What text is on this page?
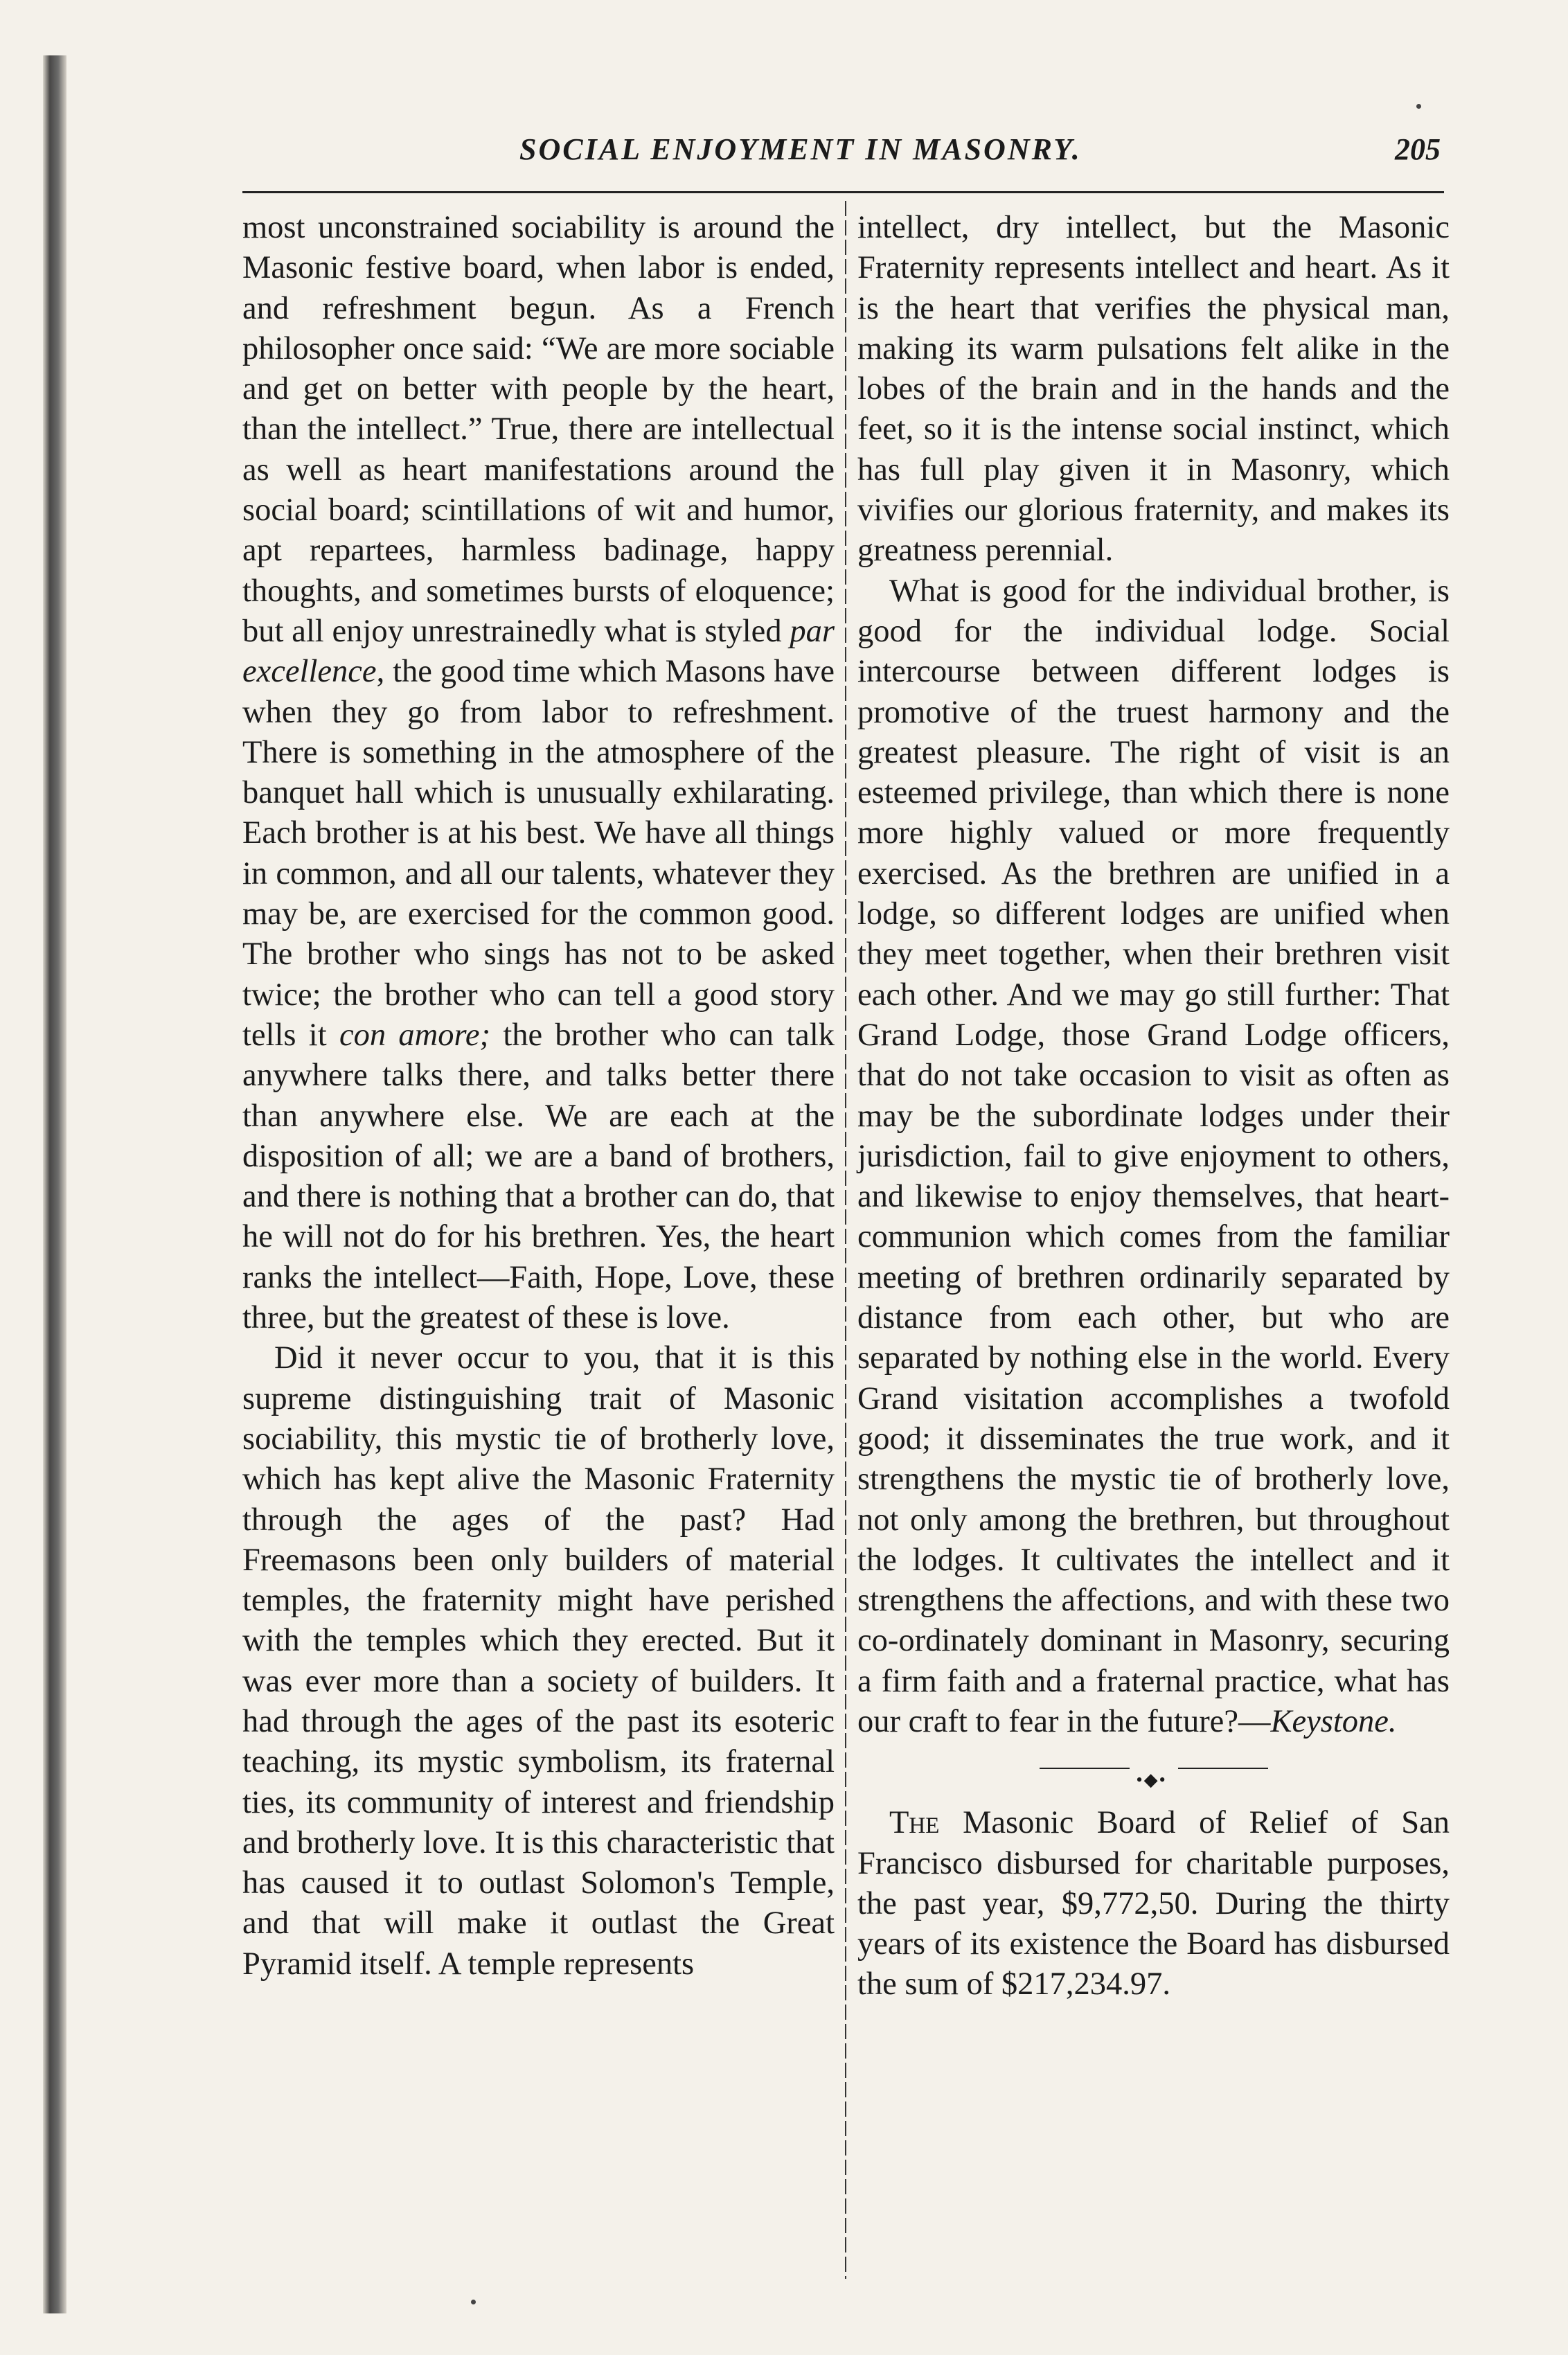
SOCIAL ENJOYMENT IN MASONRY.	205

most unconstrained sociability is around the Masonic festive board, when labor is ended, and refreshment begun. As a French philosopher once said: “We are more sociable and get on better with people by the heart, than the intellect.” True, there are intellectual as well as heart manifestations around the social board; scintillations of wit and humor, apt repartees, harmless badinage, happy thoughts, and sometimes bursts of eloquence; but all enjoy unrestrainedly what is styled par excellence, the good time which Masons have when they go from labor to refreshment. There is something in the atmosphere of the banquet hall which is unusually exhilarating. Each brother is at his best. We have all things in common, and all our talents, whatever they may be, are exercised for the common good. The brother who sings has not to be asked twice; the brother who can tell a good story tells it con amore; the brother who can talk anywhere talks there, and talks better there than anywhere else. We are each at the disposition of all; we are a band of brothers, and there is nothing that a brother can do, that he will not do for his brethren. Yes, the heart ranks the intellect—Faith, Hope, Love, these three, but the greatest of these is love.

Did it never occur to you, that it is this supreme distinguishing trait of Masonic sociability, this mystic tie of brotherly love, which has kept alive the Masonic Fraternity through the ages of the past? Had Freemasons been only builders of material temples, the fraternity might have perished with the temples which they erected. But it was ever more than a society of builders. It had through the ages of the past its esoteric teaching, its mystic symbolism, its fraternal ties, its community of interest and friendship and brotherly love. It is this characteristic that has caused it to outlast Solomon's Temple, and that will make it outlast the Great Pyramid itself. A temple represents

intellect, dry intellect, but the Masonic Fraternity represents intellect and heart. As it is the heart that verifies the physical man, making its warm pulsations felt alike in the lobes of the brain and in the hands and the feet, so it is the intense social instinct, which has full play given it in Masonry, which vivifies our glorious fraternity, and makes its greatness perennial.

What is good for the individual brother, is good for the individual lodge. Social intercourse between different lodges is promotive of the truest harmony and the greatest pleasure. The right of visit is an esteemed privilege, than which there is none more highly valued or more frequently exercised. As the brethren are unified in a lodge, so different lodges are unified when they meet together, when their brethren visit each other. And we may go still further: That Grand Lodge, those Grand Lodge officers, that do not take occasion to visit as often as may be the subordinate lodges under their jurisdiction, fail to give enjoyment to others, and likewise to enjoy themselves, that heart-communion which comes from the familiar meeting of brethren ordinarily separated by distance from each other, but who are separated by nothing else in the world. Every Grand visitation accomplishes a twofold good; it disseminates the true work, and it strengthens the mystic tie of brotherly love, not only among the brethren, but throughout the lodges. It cultivates the intellect and it strengthens the affections, and with these two co-ordinately dominant in Masonry, securing a firm faith and a fraternal practice, what has our craft to fear in the future?—Keystone.

•◆•

The Masonic Board of Relief of San Francisco disbursed for charitable purposes, the past year, $9,772,50. During the thirty years of its existence the Board has disbursed the sum of $217,234.97.
